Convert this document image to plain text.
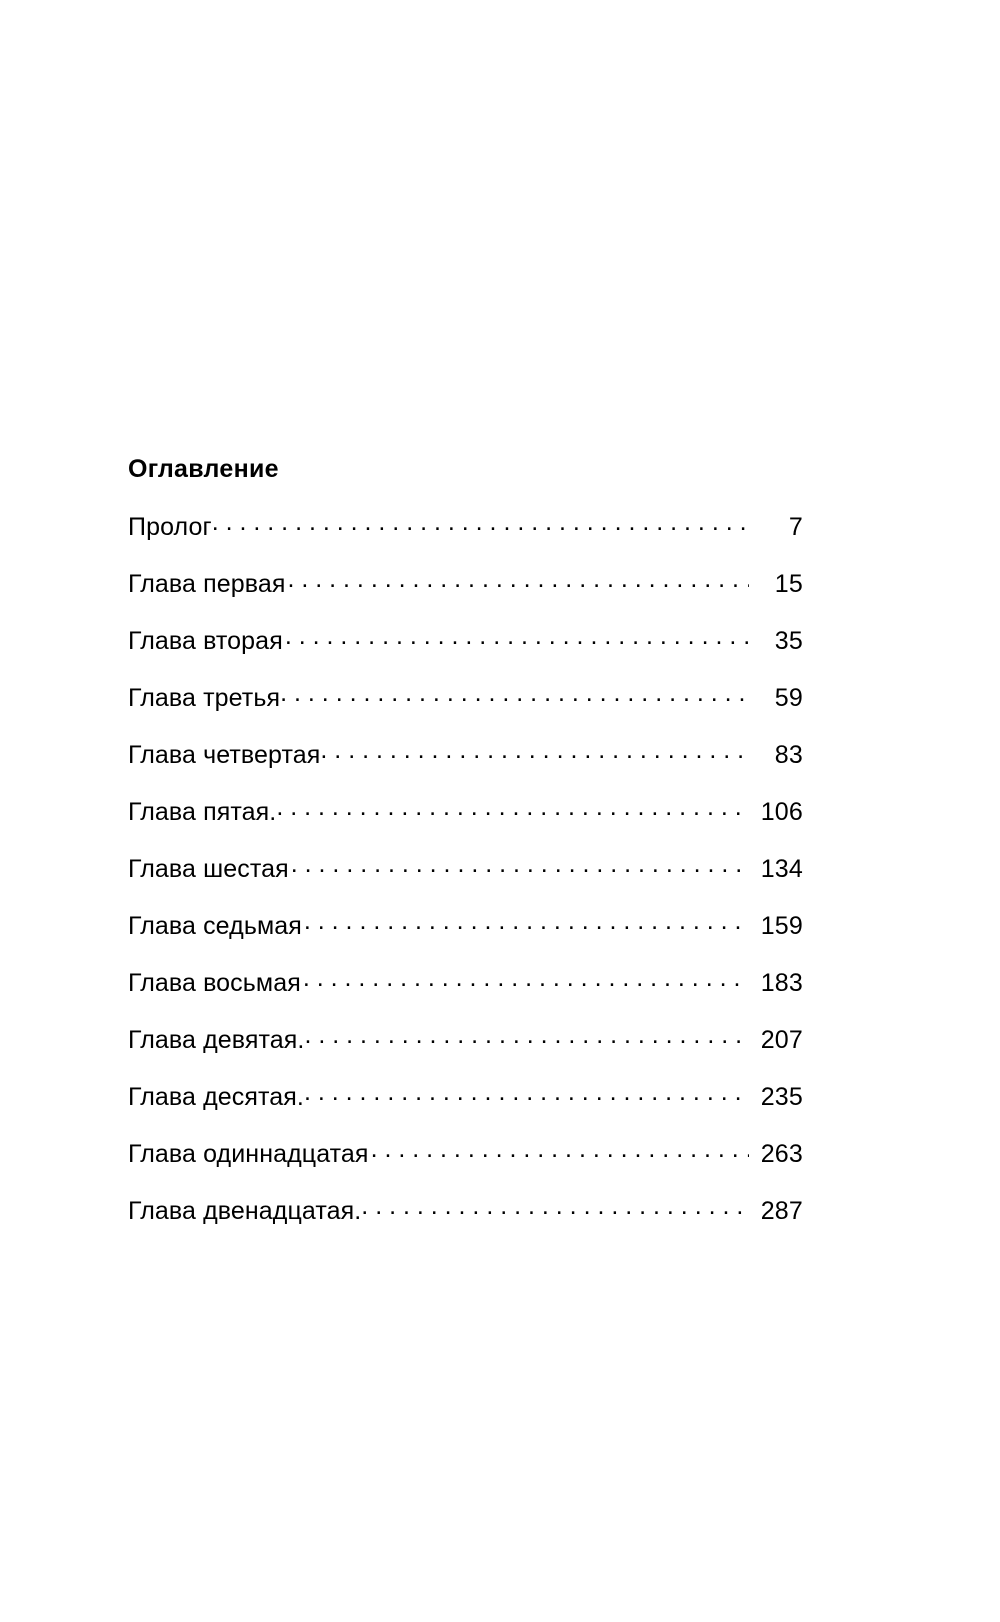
Оглавление
Пролог . . .	7
Глава первая . . .	15
Глава вторая . . .	35
Глава третья . . .	59
Глава четвертая . . .	83
Глава пятая. . . .	106
Глава шестая . . .	134
Глава седьмая . . .	159
Глава восьмая . . .	183
Глава девятая. . . .	207
Глава десятая. . . .	235
Глава одиннадцатая . . .	263
Глава двенадцатая. . . .	287
